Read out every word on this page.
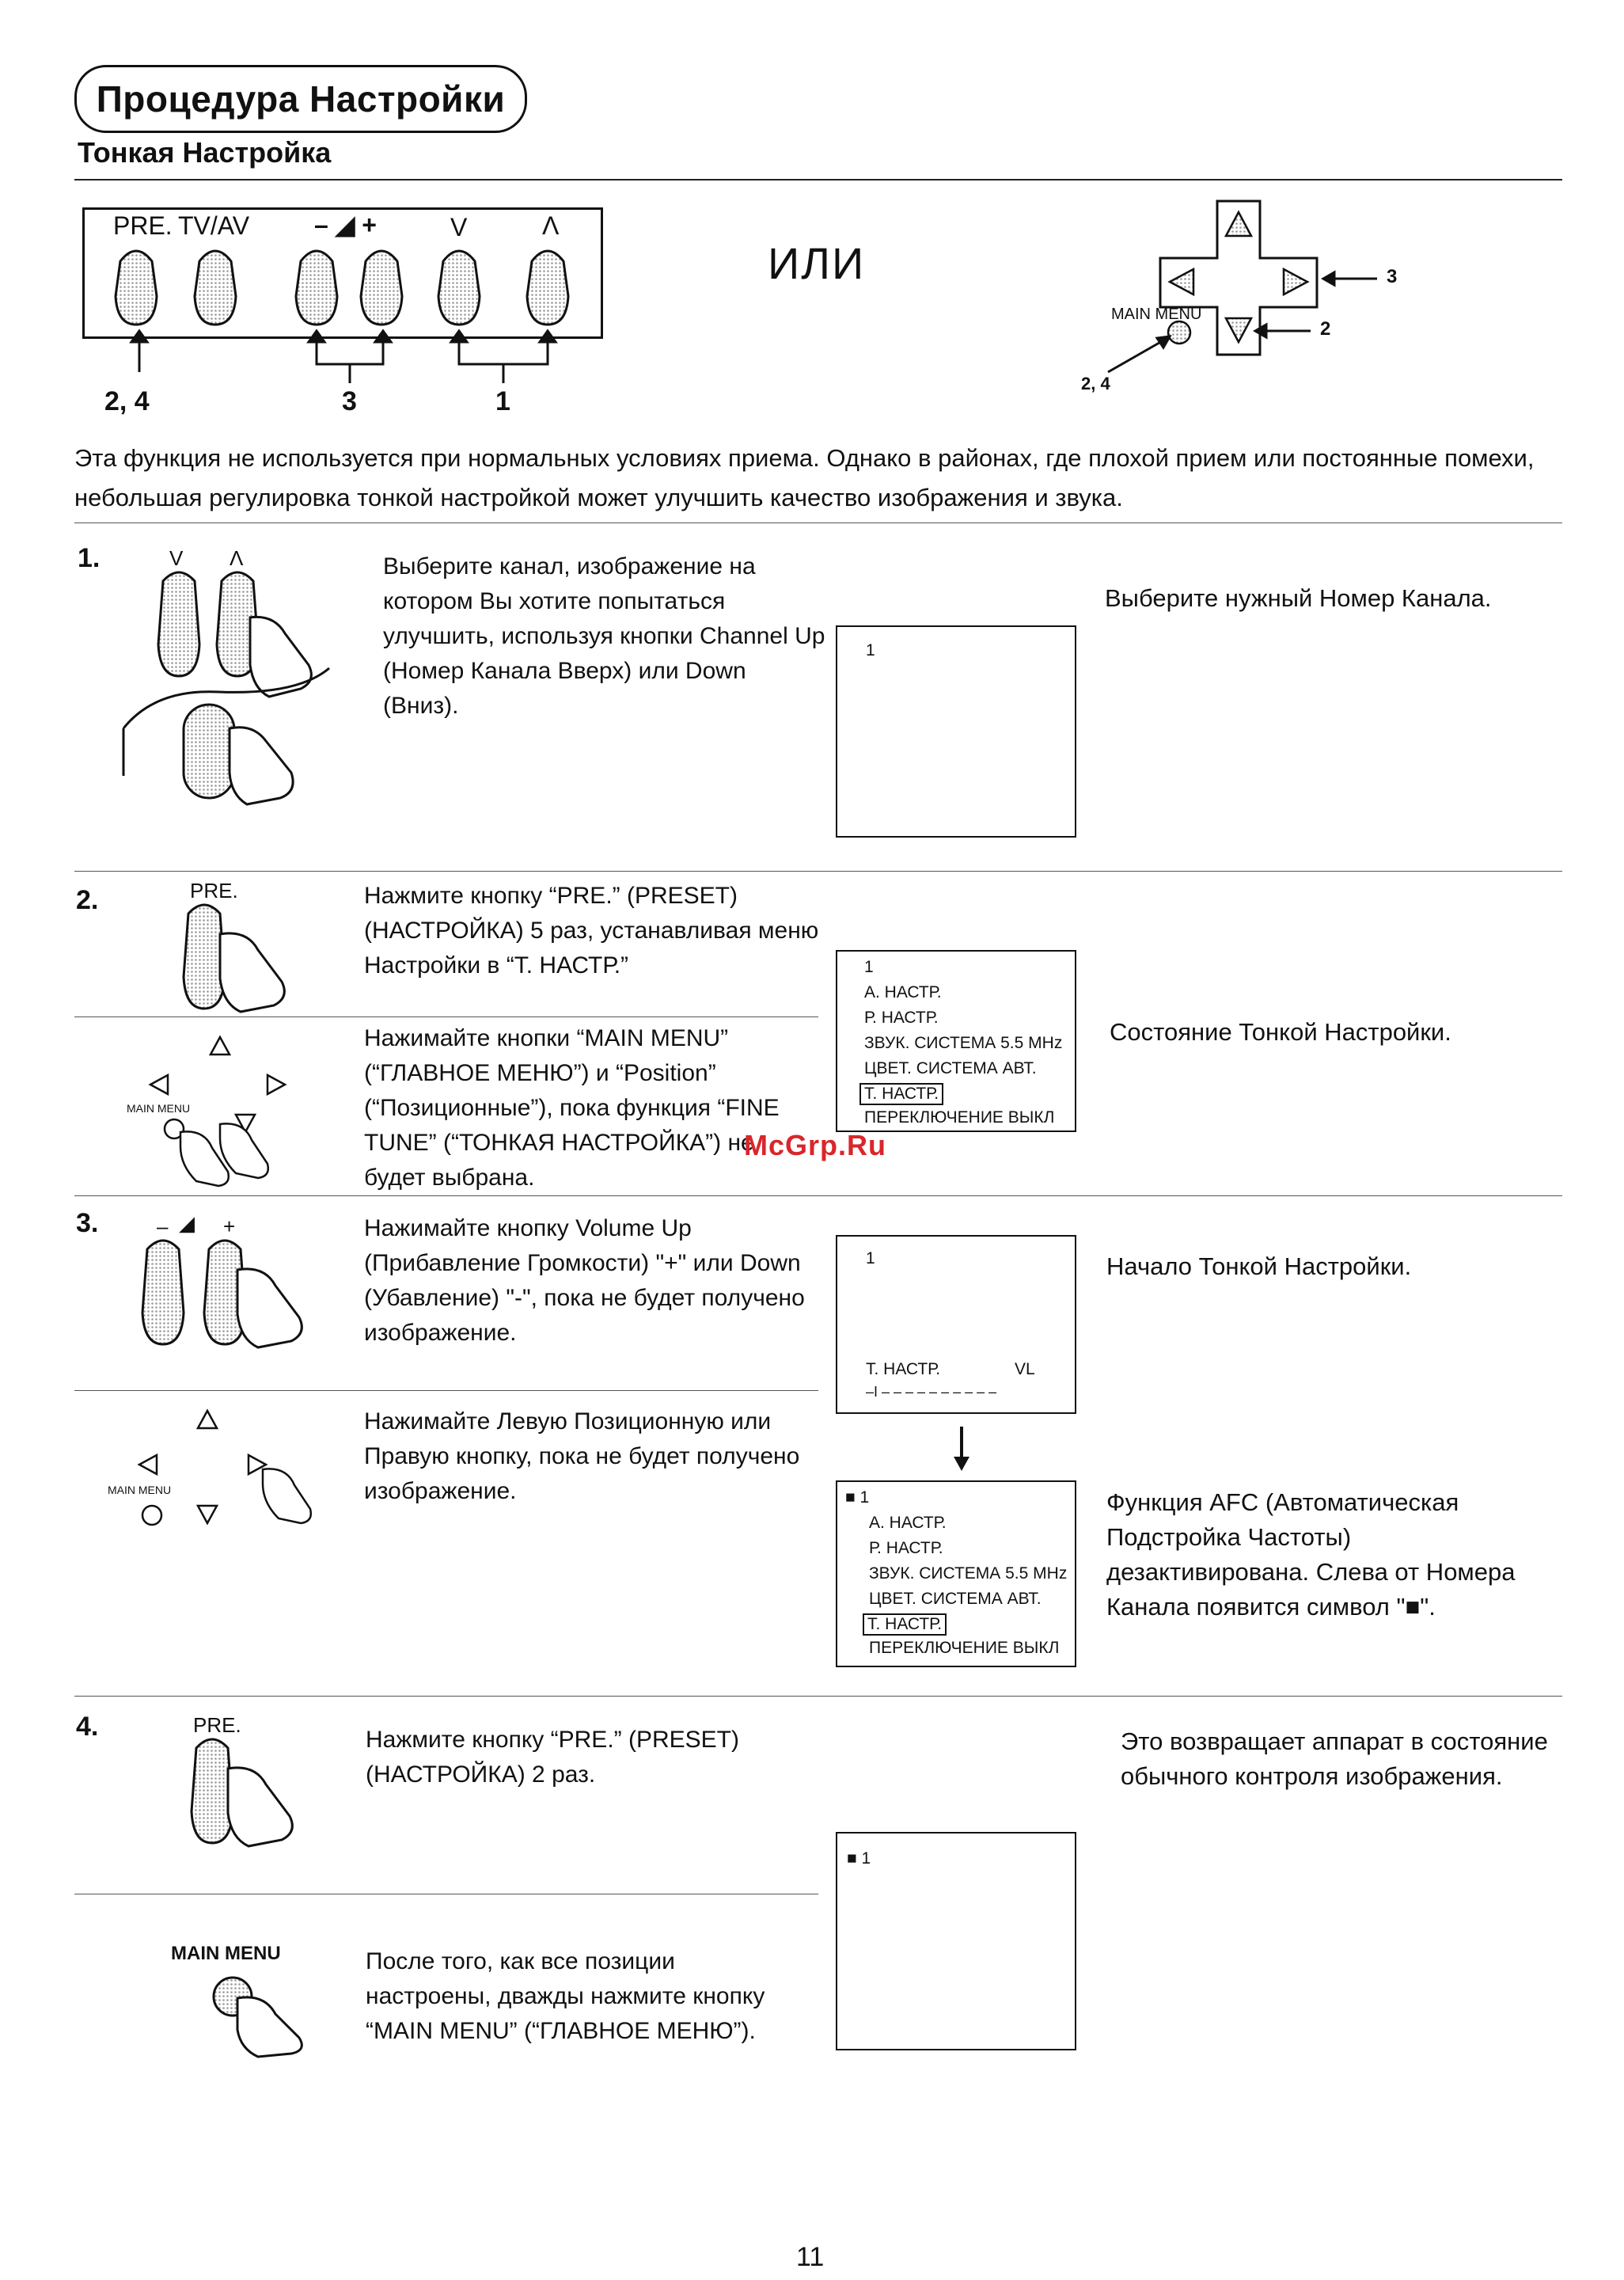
Процедура Настройки
Тонкая Настройка
PRE. TV/AV	– ◢ +	V	Λ
2, 4	3	1
ИЛИ
MAIN MENU
3
2
2, 4
Эта функция не используется при нормальных условиях приема. Однако в районах, где плохой прием или постоянные помехи, небольшая регулировка тонкой настройкой может улучшить качество изображения и звука.
1.	V Λ	Выберите канал, изображение на котором Вы хотите попытаться улучшить, используя кнопки Channel Up (Номер Канала Вверх) или Down (Вниз).
1
Выберите нужный Номер Канала.
2.	PRE.	Нажмите кнопку “PRE.” (PRESET) (НАСТРОЙКА) 5 раз, устанавливая меню Настройки в “Т. НАСТР.”
MAIN MENU
Нажимайте кнопки “MAIN MENU” (“ГЛАВНОЕ МЕНЮ”) и “Position” (“Позиционные”), пока функция “FINE TUNE” (“ТОНКАЯ НАСТРОЙКА”) не будет выбрана.
1
А. НАСТР.
Р. НАСТР.
ЗВУК. СИСТЕМА 5.5 MHz
ЦВЕТ. СИСТЕМА АВТ.
Т. НАСТР.
ПЕРЕКЛЮЧЕНИЕ ВЫКЛ
Состояние Тонкой Настройки.
McGrp.Ru
3.	– ◢ +	Нажимайте кнопку Volume Up (Прибавление Громкости) "+" или Down (Убавление) "-", пока не будет получено изображение.
MAIN MENU
Нажимайте Левую Позиционную или Правую кнопку, пока не будет получено изображение.
1
Т. НАСТР.	VL
–I – – – – – – – – – –
■ 1
А. НАСТР.
Р. НАСТР.
ЗВУК. СИСТЕМА 5.5 MHz
ЦВЕТ. СИСТЕМА АВТ.
Т. НАСТР.
ПЕРЕКЛЮЧЕНИЕ ВЫКЛ
Начало Тонкой Настройки.
Функция AFC (Автоматическая Подстройка Частоты) дезактивирована. Слева от Номера Канала появится символ "■".
4.	PRE.
Нажмите кнопку “PRE.” (PRESET) (НАСТРОЙКА) 2 раз.
MAIN MENU	После того, как все позиции настроены, дважды нажмите кнопку “MAIN MENU” (“ГЛАВНОЕ МЕНЮ”).
■ 1
Это возвращает аппарат в состояние обычного контроля изображения.
11
